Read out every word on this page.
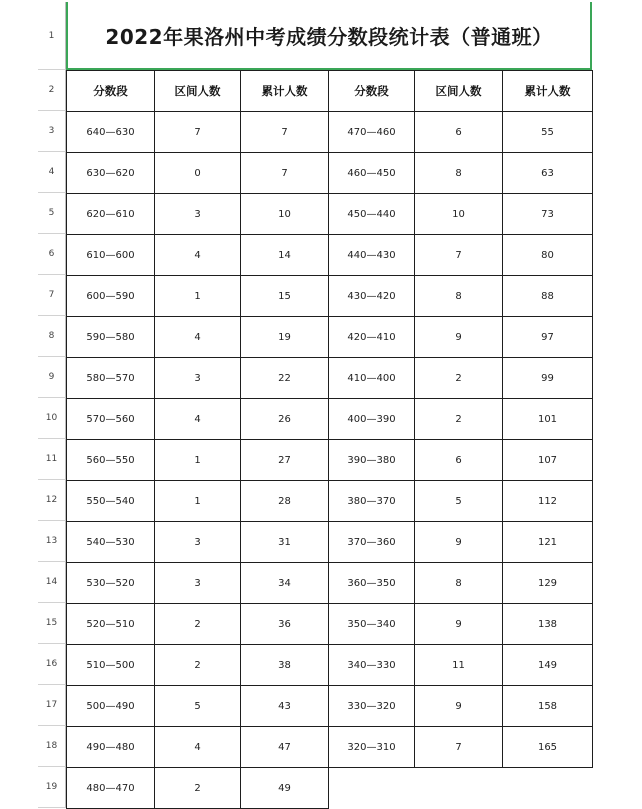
1
2
3
4
5
6
7
8
9
10
11
12
13
14
15
16
17
18
19
2022年果洛州中考成绩分数段统计表（普通班）
分数段	区间人数	累计人数	分数段	区间人数	累计人数
640—630	7	7	470—460	6	55
630—620	0	7	460—450	8	63
620—610	3	10	450—440	10	73
610—600	4	14	440—430	7	80
600—590	1	15	430—420	8	88
590—580	4	19	420—410	9	97
580—570	3	22	410—400	2	99
570—560	4	26	400—390	2	101
560—550	1	27	390—380	6	107
550—540	1	28	380—370	5	112
540—530	3	31	370—360	9	121
530—520	3	34	360—350	8	129
520—510	2	36	350—340	9	138
510—500	2	38	340—330	11	149
500—490	5	43	330—320	9	158
490—480	4	47	320—310	7	165
480—470	2	49			
